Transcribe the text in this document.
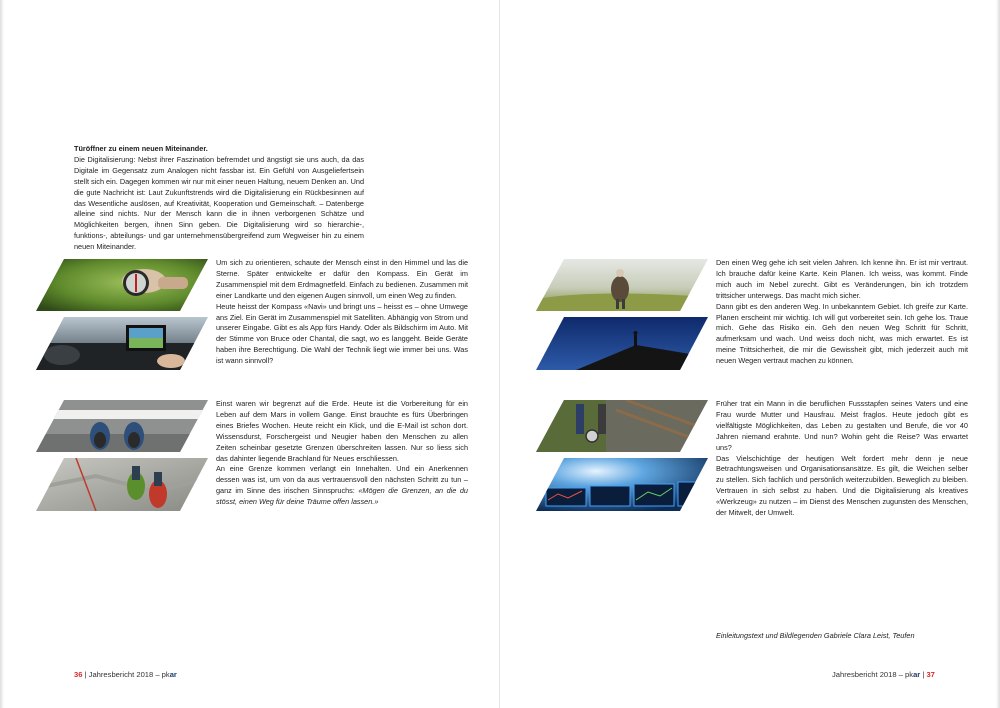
Türöffner zu einem neuen Miteinander.
Die Digitalisierung: Nebst ihrer Faszination befremdet und ängstigt sie uns auch, da das Digitale im Gegensatz zum Analogen nicht fassbar ist. Ein Gefühl von Ausgeliefertsein stellt sich ein. Dagegen kommen wir nur mit einer neuen Haltung, neuem Denken an. Und die gute Nachricht ist: Laut Zukunftstrends wird die Digitalisierung ein Rückbesinnen auf das Wesentliche auslösen, auf Kreativität, Kooperation und Gemeinschaft. – Datenberge alleine sind nichts. Nur der Mensch kann die in ihnen verborgenen Schätze und Möglichkeiten bergen, ihnen Sinn geben. Die Digitalisierung wird so hierarchie-, funktions-, abteilungs- und gar unternehmensübergreifend zum Wegweiser hin zu einem neuen Miteinander.

Um sich zu orientieren, schaute der Mensch einst in den Himmel und las die Sterne. Später entwickelte er dafür den Kompass. Ein Gerät im Zusammenspiel mit dem Erdmagnetfeld. Einfach zu bedienen. Zusammen mit einer Landkarte und den eigenen Augen sinnvoll, um einen Weg zu finden.

Heute heisst der Kompass «Navi» und bringt uns – heisst es – ohne Umwege ans Ziel. Ein Gerät im Zusammenspiel mit Satelliten. Abhängig von Strom und unserer Eingabe. Gibt es als App fürs Handy. Oder als Bildschirm im Auto. Mit der Stimme von Bruce oder Chantal, die sagt, wo es langgeht. Beide Geräte haben ihre Berechtigung. Die Wahl der Technik liegt wie immer bei uns. Was ist wann sinnvoll?

Einst waren wir begrenzt auf die Erde. Heute ist die Vorbereitung für ein Leben auf dem Mars in vollem Gange. Einst brauchte es fürs Überbringen eines Briefes Wochen. Heute reicht ein Klick, und die E-Mail ist schon dort. Wissensdurst, Forschergeist und Neugier haben den Menschen zu allen Zeiten scheinbar gesetzte Grenzen überschreiten lassen. Nur so liess sich das dahinter liegende Brachland für Neues erschliessen.

An eine Grenze kommen verlangt ein Innehalten. Und ein Anerkennen dessen was ist, um von da aus vertrauensvoll den nächsten Schritt zu tun – ganz im Sinne des irischen Sinnspruchs: «Mögen die Grenzen, an die du stösst, einen Weg für deine Träume offen lassen.»

Den einen Weg gehe ich seit vielen Jahren. Ich kenne ihn. Er ist mir vertraut. Ich brauche dafür keine Karte. Kein Planen. Ich weiss, was kommt. Finde mich auch im Nebel zurecht. Gibt es Veränderungen, bin ich trotzdem trittsicher unterwegs. Das macht mich sicher.

Dann gibt es den anderen Weg. In unbekanntem Gebiet. Ich greife zur Karte. Planen erscheint mir wichtig. Ich will gut vorbereitet sein. Ich gehe los. Traue mich. Gehe das Risiko ein. Geh den neuen Weg Schritt für Schritt, aufmerksam und wach. Und weiss doch nicht, was mich erwartet. Es ist meine Trittsicherheit, die mir die Gewissheit gibt, mich jederzeit auch mit neuen Wegen vertraut machen zu können.

Früher trat ein Mann in die beruflichen Fussstapfen seines Vaters und eine Frau wurde Mutter und Hausfrau. Meist fraglos. Heute jedoch gibt es vielfältigste Möglichkeiten, das Leben zu gestalten und Berufe, die vor 40 Jahren niemand erahnte. Und nun? Wohin geht die Reise? Was erwartet uns?

Das Vielschichtige der heutigen Welt fordert mehr denn je neue Betrachtungsweisen und Organisationsansätze. Es gilt, die Weichen selber zu stellen. Sich fachlich und persönlich weiterzubilden. Beweglich zu bleiben. Vertrauen in sich selbst zu haben. Und die Digitalisierung als kreatives «Werkzeug» zu nutzen – im Dienst des Menschen zugunsten des Menschen, der Mitwelt, der Umwelt.

Einleitungstext und Bildlegenden Gabriele Clara Leist, Teufen
36 | Jahresbericht 2018 – pkar	Jahresbericht 2018 – pkar | 37
